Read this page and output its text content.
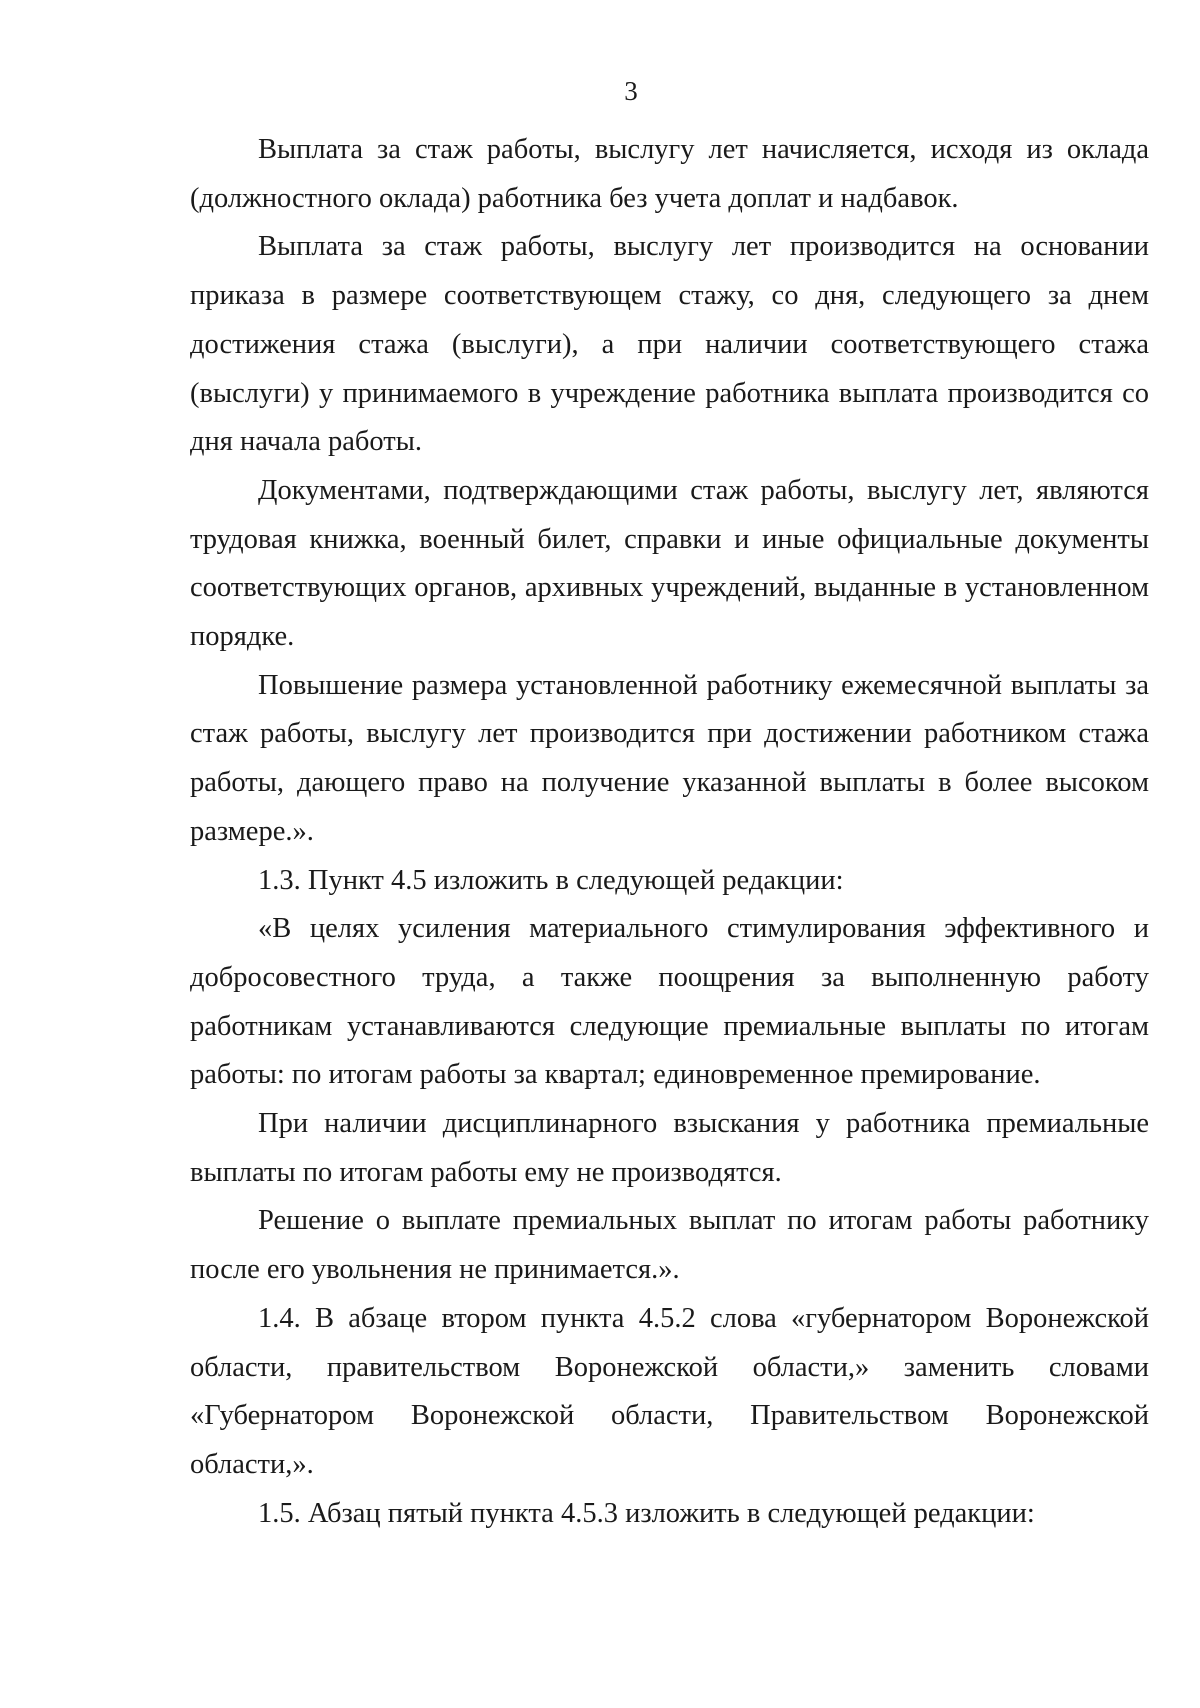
3

Выплата за стаж работы, выслугу лет начисляется, исходя из оклада (должностного оклада) работника без учета доплат и надбавок.

Выплата за стаж работы, выслугу лет производится на основании приказа в размере соответствующем стажу, со дня, следующего за днем достижения стажа (выслуги), а при наличии соответствующего стажа (выслуги) у принимаемого в учреждение работника выплата производится со дня начала работы.

Документами, подтверждающими стаж работы, выслугу лет, являются трудовая книжка, военный билет, справки и иные официальные документы соответствующих органов, архивных учреждений, выданные в установленном порядке.

Повышение размера установленной работнику ежемесячной выплаты за стаж работы, выслугу лет производится при достижении работником стажа работы, дающего право на получение указанной выплаты в более высоком размере.».

1.3. Пункт 4.5 изложить в следующей редакции:

«В целях усиления материального стимулирования эффективного и добросовестного труда, а также поощрения за выполненную работу работникам устанавливаются следующие премиальные выплаты по итогам работы: по итогам работы за квартал; единовременное премирование.

При наличии дисциплинарного взыскания у работника премиальные выплаты по итогам работы ему не производятся.

Решение о выплате премиальных выплат по итогам работы работнику после его увольнения не принимается.».

1.4. В абзаце втором пункта 4.5.2 слова «губернатором Воронежской области, правительством Воронежской области,» заменить словами «Губернатором Воронежской области, Правительством Воронежской области,».

1.5. Абзац пятый пункта 4.5.3 изложить в следующей редакции:
